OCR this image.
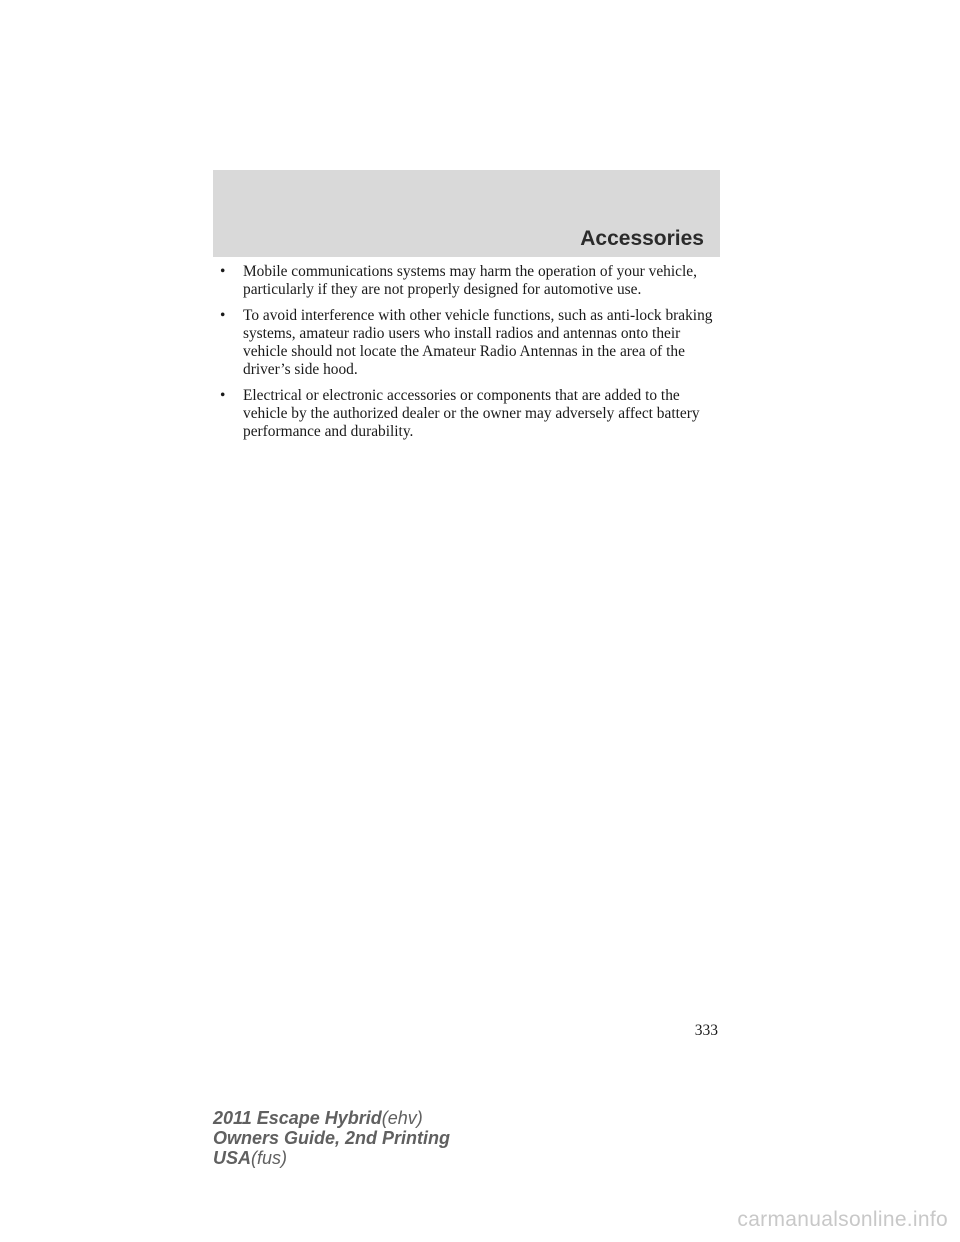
Accessories
• Mobile communications systems may harm the operation of your vehicle, particularly if they are not properly designed for automotive use.
• To avoid interference with other vehicle functions, such as anti-lock braking systems, amateur radio users who install radios and antennas onto their vehicle should not locate the Amateur Radio Antennas in the area of the driver’s side hood.
• Electrical or electronic accessories or components that are added to the vehicle by the authorized dealer or the owner may adversely affect battery performance and durability.
333
2011 Escape Hybrid(ehv)
Owners Guide, 2nd Printing
USA(fus)
carmanualsonline.info
